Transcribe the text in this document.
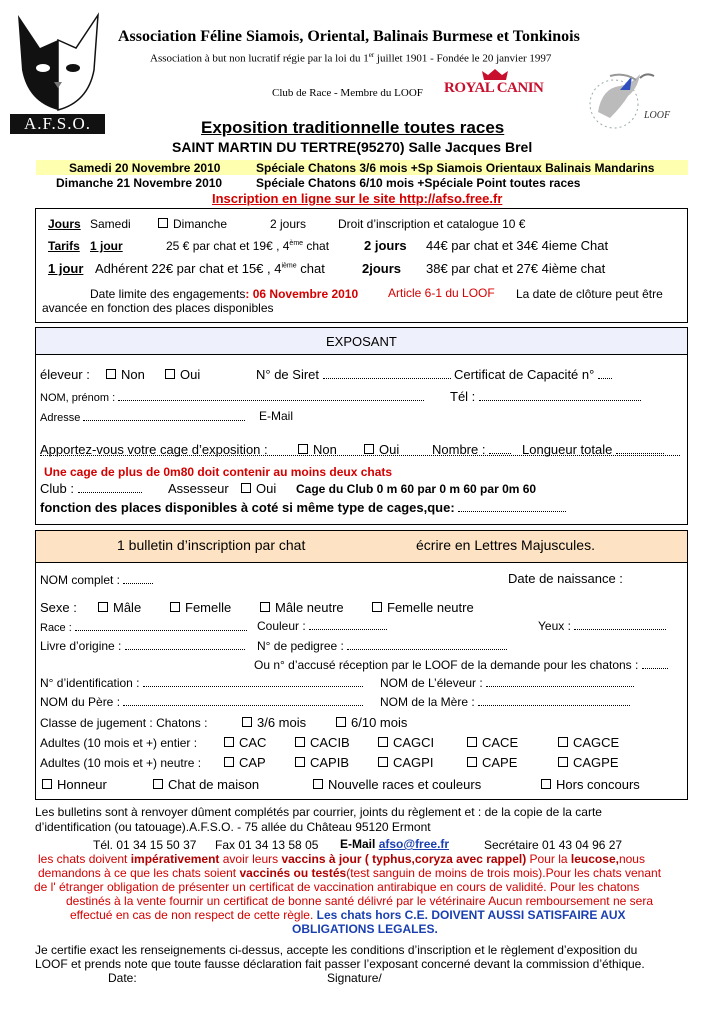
A.F.S.O.
Association Féline Siamois, Oriental, Balinais Burmese et Tonkinois
Association à but non lucratif régie par la loi du 1er juillet 1901 - Fondée le 20 janvier 1997
Club de Race - Membre du LOOF ROYAL CANIN
LOOF
Exposition traditionnelle toutes races
SAINT MARTIN DU TERTRE(95270) Salle Jacques Brel
Samedi 20 Novembre 2010	Spéciale Chatons 3/6 mois +Sp Siamois Orientaux Balinais Mandarins
Dimanche 21 Novembre 2010	Spéciale Chatons 6/10 mois +Spéciale Point toutes races
Inscription en ligne sur le site http://afso.free.fr
Jours Samedi	Dimanche	2 jours	Droit d’inscription et catalogue 10 €
Tarifs 1 jour	25 € par chat et 19€ , 4ème chat	2 jours 44€ par chat et 34€ 4ieme Chat
1 jour Adhérent 22€ par chat et 15€ , 4ième chat	2jours 38€ par chat et 27€ 4ième chat
Date limite des engagements: 06 Novembre 2010 Article 6-1 du LOOF La date de clôture peut être
avancée en fonction des places disponibles
EXPOSANT
éleveur :	Non	Oui	N° de Siret	Certificat de Capacité n°
NOM, prénom :	Tél :
Adresse	E-Mail
Apportez-vous votre cage d’exposition :	Non	Oui	Nombre :	Longueur totale
Une cage de plus de 0m80 doit contenir au moins deux chats
Club :	Assesseur	Oui Cage du Club 0 m 60 par 0 m 60 par 0m 60
fonction des places disponibles à coté si même type de cages,que:
1 bulletin d’inscription par chat	écrire en Lettres Majuscules.
NOM complet :	Date de naissance :
Sexe :	Mâle	Femelle	Mâle neutre	Femelle neutre
Race :	Couleur :	Yeux :
Livre d’origine :	N° de pedigree :
Ou n° d’accusé réception par le LOOF de la demande pour les chatons :
N° d’identification :	NOM de L’éleveur :
NOM du Père :	NOM de la Mère :
Classe de jugement : Chatons :	3/6 mois	6/10 mois
Adultes (10 mois et +) entier :	CAC	CACIB	CAGCI	CACE	CAGCE
Adultes (10 mois et +) neutre :	CAP	CAPIB	CAGPI	CAPE	CAGPE
Honneur	Chat de maison	Nouvelle races et couleurs	Hors concours
Les bulletins sont à renvoyer dûment complétés par courrier, joints du règlement et : de la copie de la carte
d’identification (ou tatouage).A.F.S.O. - 75 allée du Château 95120 Ermont
Tél. 01 34 15 50 37 Fax 01 34 13 58 05 E-Mail afso@free.fr	Secrétaire 01 43 04 96 27
les chats doivent impérativement avoir leurs vaccins à jour ( typhus,coryza avec rappel) Pour la leucose,nous
demandons à ce que les chats soient vaccinés ou testés(test sanguin de moins de trois mois).Pour les chats venant
de l' étranger obligation de présenter un certificat de vaccination antirabique en cours de validité. Pour les chatons
destinés à la vente fournir un certificat de bonne santé délivré par le vétérinaire Aucun remboursement ne sera
effectué en cas de non respect de cette règle. Les chats hors C.E. DOIVENT AUSSI SATISFAIRE AUX
OBLIGATIONS LEGALES.
Je certifie exact les renseignements ci-dessus, accepte les conditions d’inscription et le règlement d’exposition du
LOOF et prends note que toute fausse déclaration fait passer l’exposant concerné devant la commission d’éthique.
Date:	Signature/
